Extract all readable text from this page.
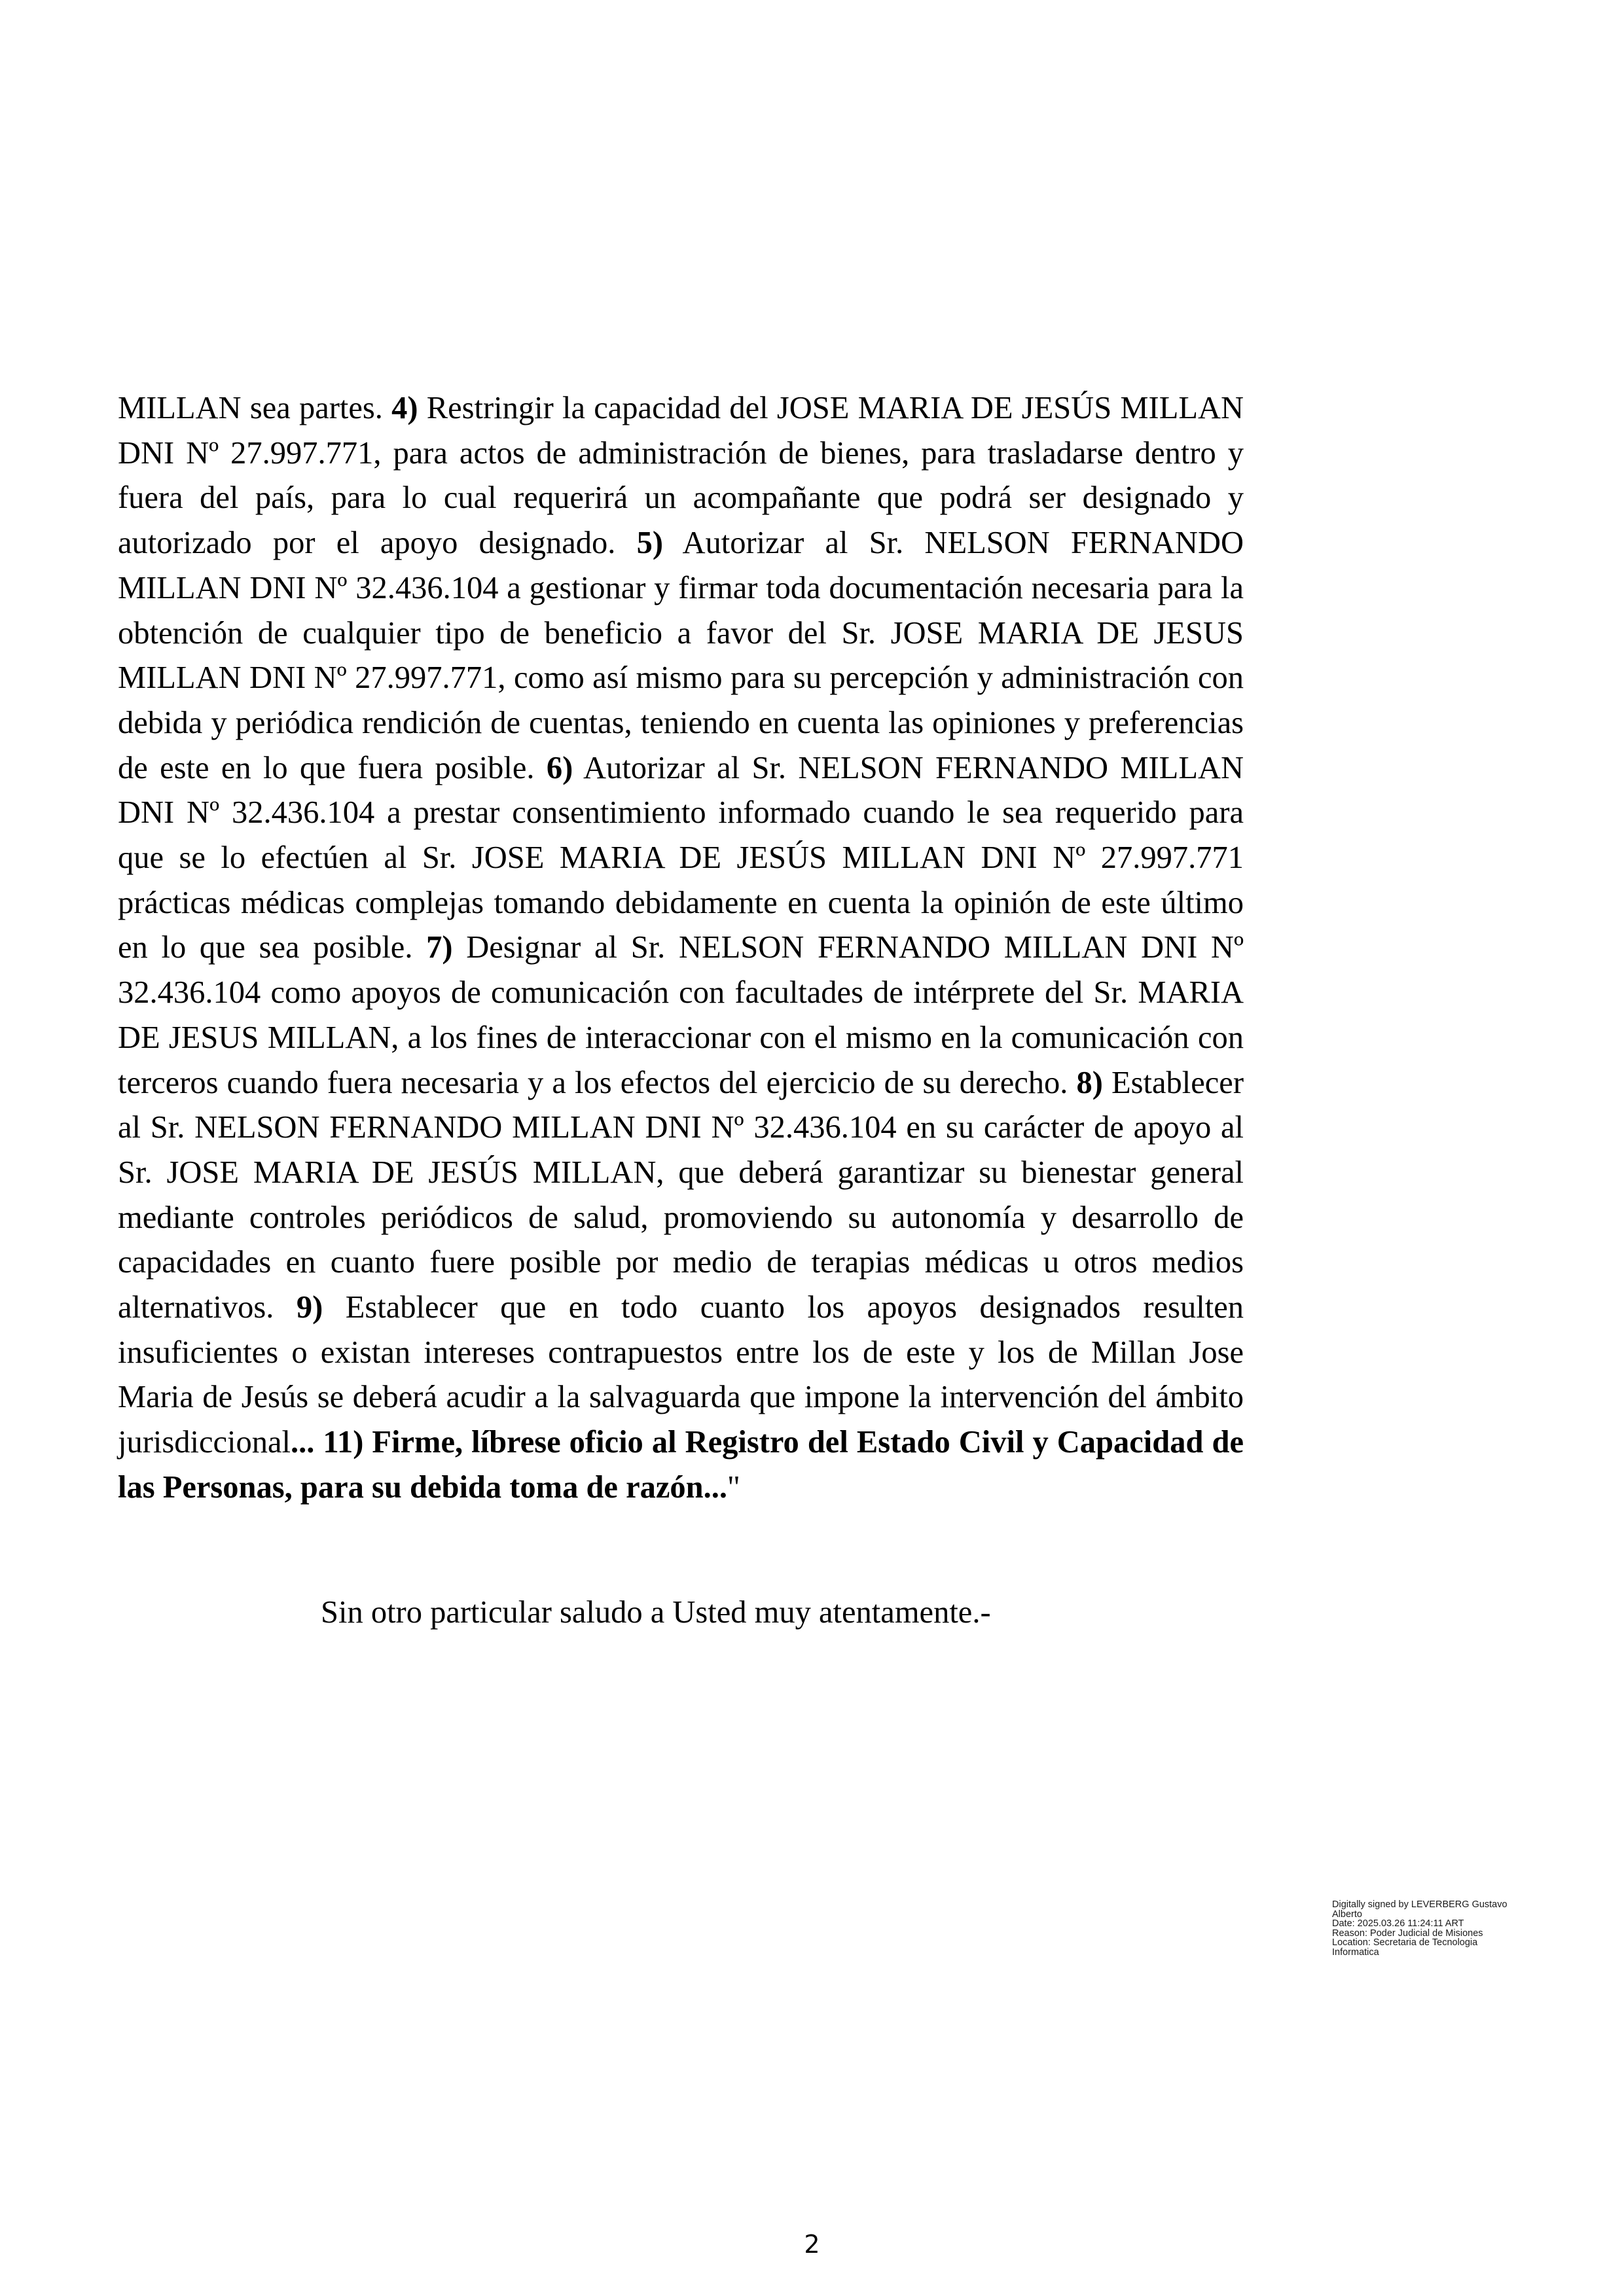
MILLAN sea partes. 4) Restringir la capacidad del JOSE MARIA DE JESÚS MILLAN DNI Nº 27.997.771, para actos de administración de bienes, para trasladarse dentro y fuera del país, para lo cual requerirá un acompañante que podrá ser designado y autorizado por el apoyo designado. 5) Autorizar al Sr. NELSON FERNANDO MILLAN DNI Nº 32.436.104 a gestionar y firmar toda documentación necesaria para la obtención de cualquier tipo de beneficio a favor del Sr. JOSE MARIA DE JESUS MILLAN DNI Nº 27.997.771, como así mismo para su percepción y administración con debida y periódica rendición de cuentas, teniendo en cuenta las opiniones y preferencias de este en lo que fuera posible. 6) Autorizar al Sr. NELSON FERNANDO MILLAN DNI Nº 32.436.104 a prestar consentimiento informado cuando le sea requerido para que se lo efectúen al Sr. JOSE MARIA DE JESÚS MILLAN DNI Nº 27.997.771 prácticas médicas complejas tomando debidamente en cuenta la opinión de este último en lo que sea posible. 7) Designar al Sr. NELSON FERNANDO MILLAN DNI Nº 32.436.104 como apoyos de comunicación con facultades de intérprete del Sr. MARIA DE JESUS MILLAN, a los fines de interaccionar con el mismo en la comunicación con terceros cuando fuera necesaria y a los efectos del ejercicio de su derecho. 8) Establecer al Sr. NELSON FERNANDO MILLAN DNI Nº 32.436.104 en su carácter de apoyo al Sr. JOSE MARIA DE JESÚS MILLAN, que deberá garantizar su bienestar general mediante controles periódicos de salud, promoviendo su autonomía y desarrollo de capacidades en cuanto fuere posible por medio de terapias médicas u otros medios alternativos. 9) Establecer que en todo cuanto los apoyos designados resulten insuficientes o existan intereses contrapuestos entre los de este y los de Millan Jose Maria de Jesús se deberá acudir a la salvaguarda que impone la intervención del ámbito jurisdiccional... 11) Firme, líbrese oficio al Registro del Estado Civil y Capacidad de las Personas, para su debida toma de razón..."

Sin otro particular saludo a Usted muy atentamente.-

Digitally signed by LEVERBERG Gustavo
Alberto
Date: 2025.03.26 11:24:11 ART
Reason: Poder Judicial de Misiones
Location: Secretaria de Tecnologia
Informatica

2
